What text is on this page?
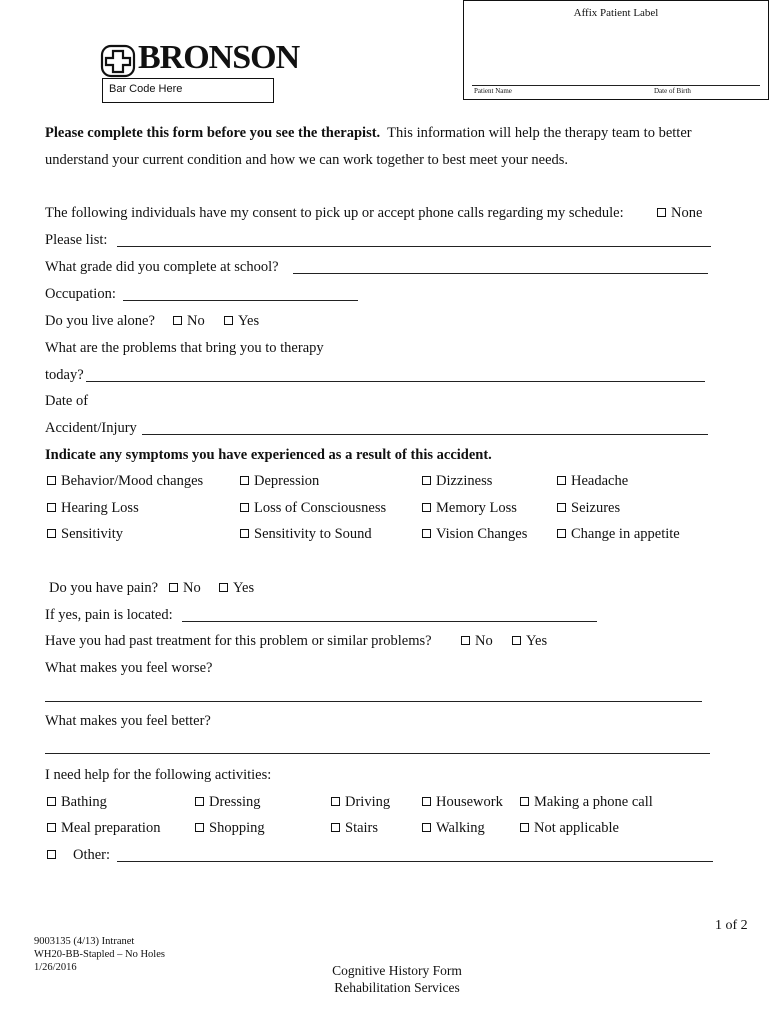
Affix Patient Label
Patient Name	Date of Birth
BRONSON
Bar Code Here
Please complete this form before you see the therapist. This information will help the therapy team to better
understand your current condition and how we can work together to best meet your needs.
The following individuals have my consent to pick up or accept phone calls regarding my schedule:	None
Please list:
What grade did you complete at school?
Occupation:
Do you live alone?	No	Yes
What are the problems that bring you to therapy
today?
Date of
Accident/Injury
Indicate any symptoms you have experienced as a result of this accident.
Behavior/Mood changes	Depression	Dizziness	Headache
Hearing Loss	Loss of Consciousness	Memory Loss	Seizures
Sensitivity	Sensitivity to Sound	Vision Changes	Change in appetite
Do you have pain?	No	Yes
If yes, pain is located:
Have you had past treatment for this problem or similar problems?	No	Yes
What makes you feel worse?
What makes you feel better?
I need help for the following activities:
Bathing	Dressing	Driving	Housework	Making a phone call
Meal preparation	Shopping	Stairs	Walking	Not applicable
Other:
1 of 2
9003135 (4/13) Intranet
WH20-BB-Stapled – No Holes
1/26/2016	Cognitive History Form
Rehabilitation Services
